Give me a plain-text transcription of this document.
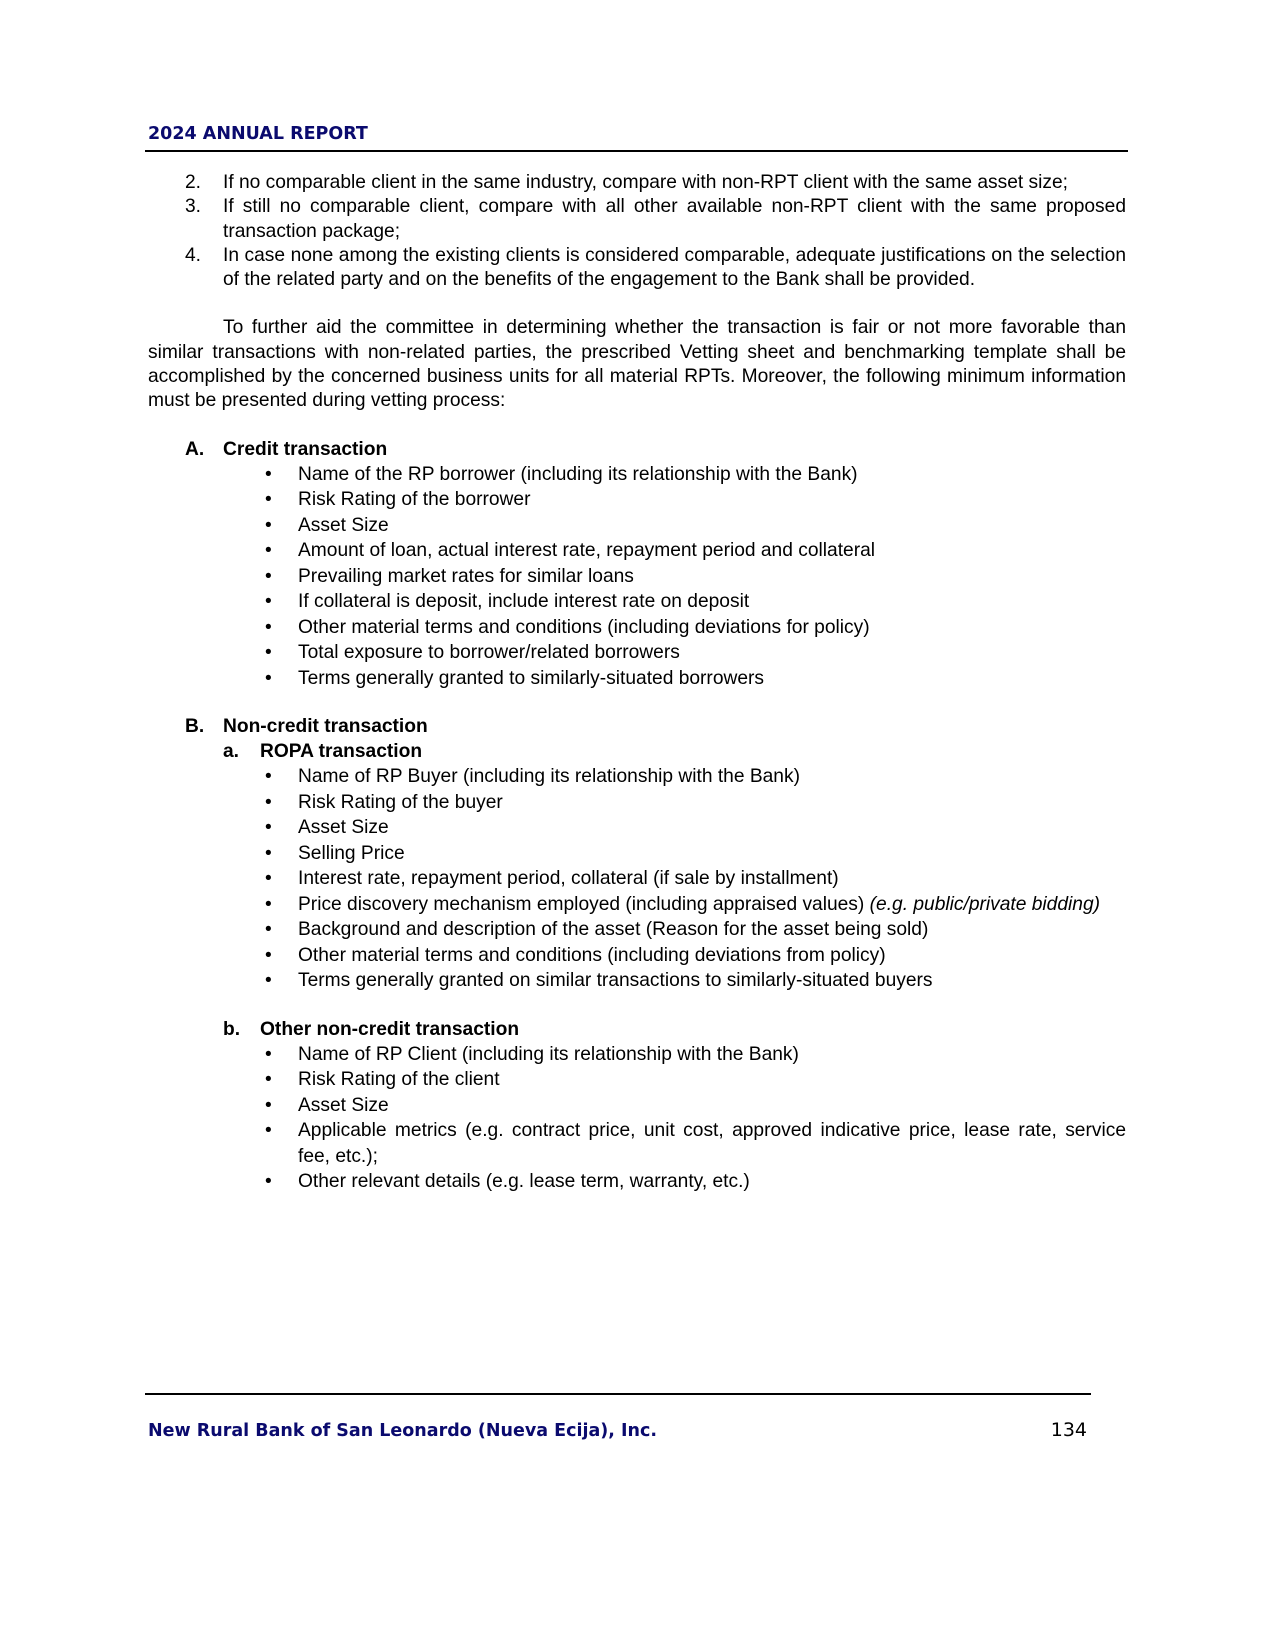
2024 ANNUAL REPORT
2. If no comparable client in the same industry, compare with non-RPT client with the same asset size;
3. If still no comparable client, compare with all other available non-RPT client with the same proposed transaction package;
4. In case none among the existing clients is considered comparable, adequate justifications on the selection of the related party and on the benefits of the engagement to the Bank shall be provided.
To further aid the committee in determining whether the transaction is fair or not more favorable than similar transactions with non-related parties, the prescribed Vetting sheet and benchmarking template shall be accomplished by the concerned business units for all material RPTs. Moreover, the following minimum information must be presented during vetting process:
A. Credit transaction
• Name of the RP borrower (including its relationship with the Bank)
• Risk Rating of the borrower
• Asset Size
• Amount of loan, actual interest rate, repayment period and collateral
• Prevailing market rates for similar loans
• If collateral is deposit, include interest rate on deposit
• Other material terms and conditions (including deviations for policy)
• Total exposure to borrower/related borrowers
• Terms generally granted to similarly-situated borrowers
B. Non-credit transaction
a. ROPA transaction
• Name of RP Buyer (including its relationship with the Bank)
• Risk Rating of the buyer
• Asset Size
• Selling Price
• Interest rate, repayment period, collateral (if sale by installment)
• Price discovery mechanism employed (including appraised values) (e.g. public/private bidding)
• Background and description of the asset (Reason for the asset being sold)
• Other material terms and conditions (including deviations from policy)
• Terms generally granted on similar transactions to similarly-situated buyers
b. Other non-credit transaction
• Name of RP Client (including its relationship with the Bank)
• Risk Rating of the client
• Asset Size
• Applicable metrics (e.g. contract price, unit cost, approved indicative price, lease rate, service fee, etc.);
• Other relevant details (e.g. lease term, warranty, etc.)
New Rural Bank of San Leonardo (Nueva Ecija), Inc.	134
